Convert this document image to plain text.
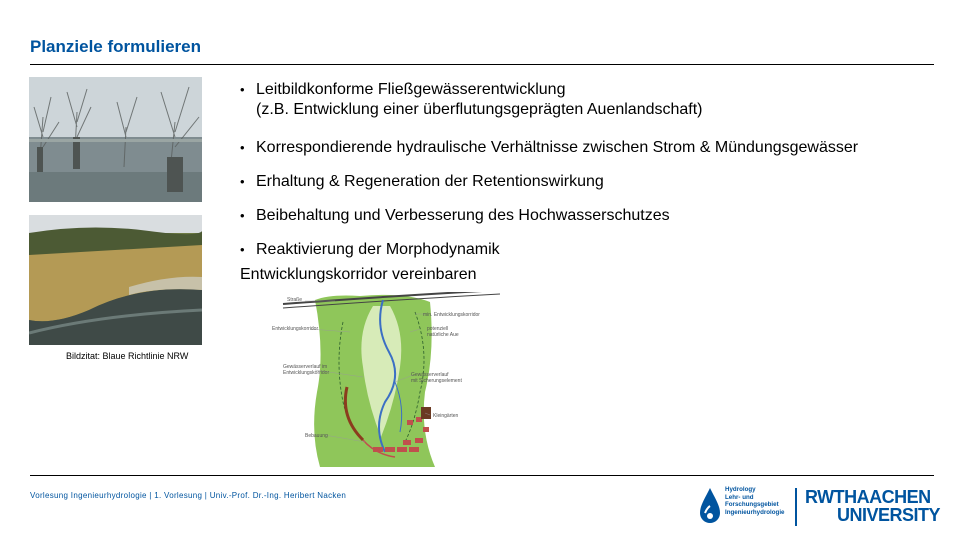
Planziele formulieren
Bildzitat: Blaue Richtlinie NRW
• Leitbildkonforme Fließgewässerentwicklung
(z.B. Entwicklung einer überflutungsgeprägten Auenlandschaft)
• Korrespondierende hydraulische Verhältnisse zwischen Strom & Mündungsgewässer
• Erhaltung & Regeneration der Retentionswirkung
• Beibehaltung und Verbesserung des Hochwasserschutzes
• Reaktivierung der Morphodynamik
Entwicklungskorridor vereinbaren
Straße
min. Entwicklungskorridor
Entwicklungskorridor	potenziell
natürliche Aue
Gewässerverlauf im
Entwicklungskorridor	Gewässerverlauf
mit Sicherungselement
Kleingärten
Bebauung
Vorlesung Ingenieurhydrologie | 1. Vorlesung | Univ.-Prof. Dr.-Ing. Heribert Nacken
Hydrology
Lehr- und
Forschungsgebiet
Ingenieurhydrologie
RWTHAACHEN
UNIVERSITY
